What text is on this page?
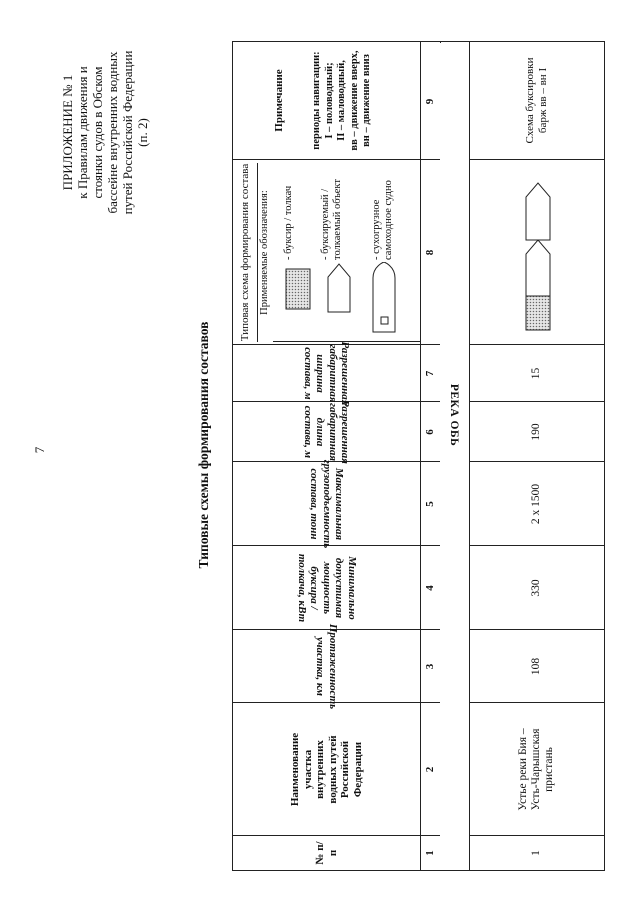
7
ПРИЛОЖЕНИЕ № 1 к Правилам движения и стоянки судов в Обском бассейне внутренних водных путей Российской Федерации (п. 2)
Типовые схемы формирования составов
№ п/п
Наименование участка внутренних водных путей Российской Федерации
Протяженность участка, км
Минимально допустимая мощность буксира / толкача, кВт
Максимальная грузоподъемность состава, тонн
Разрешенная габаритная длина состава, м
Разрешенная габаритная ширина состава, м
Типовая схема формирования состава Применяемые обозначения: - буксир / толкач - буксируемый / толкаемый объект	- сухогрузное самоходное судно
Примечание периоды навигации: I – половодный; II – маловодный, вв – движение вверх, вн – движение вниз
1
2
3
4
5
6
7
8
9
РЕКА ОБЬ
1
Устье реки Бия – Усть-Чарышская пристань
108
330
2 х 1500
190
15
Схема буксировки барж вв – вн I
